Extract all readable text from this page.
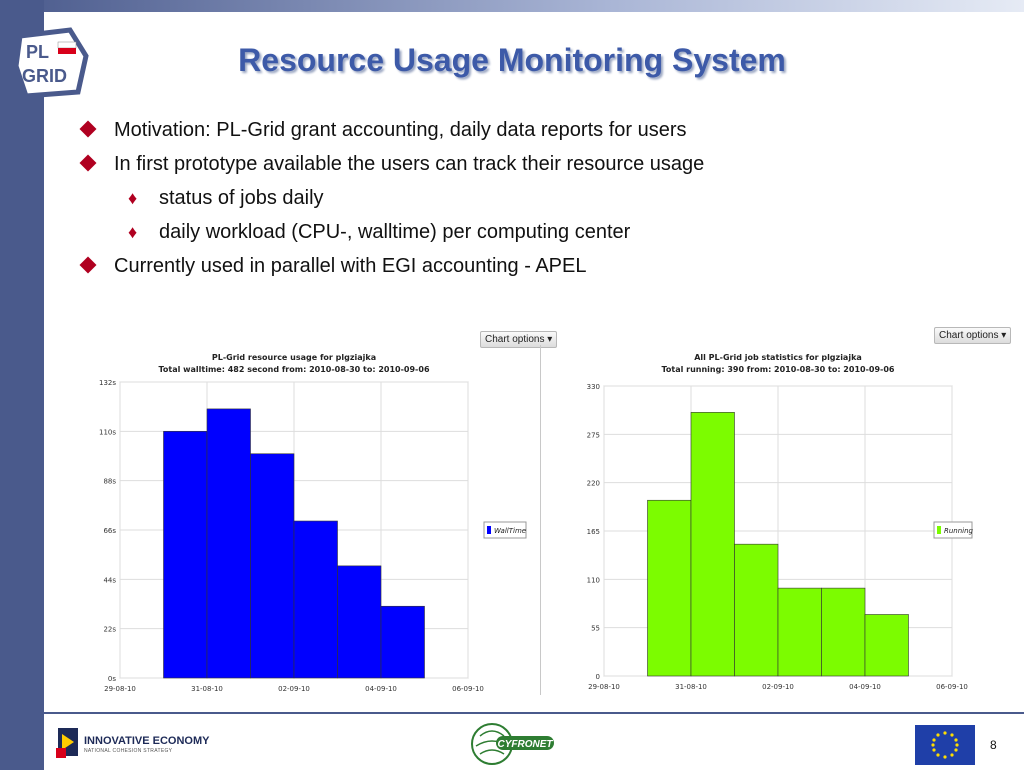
PL
GRID	Resource Usage Monitoring System
Motivation: PL-Grid grant accounting, daily data reports for users
In first prototype available the users can track their resource usage
♦ status of jobs daily
♦ daily workload (CPU-, walltime) per computing center
Currently used in parallel with EGI accounting - APEL
Chart options ▾	Chart options ▾
PL-Grid resource usage for plgziajka
Total walltime: 482 second from: 2010-08-30 to: 2010-09-06
0s
22s
44s
66s
88s
110s
132s
29-08-10	31-08-10	02-09-10	04-09-10	06-09-10
WallTime
All PL-Grid job statistics for plgziajka
Total running: 390 from: 2010-08-30 to: 2010-09-06
0
55
110
165
220
275
330
29-08-10	31-08-10	02-09-10	04-09-10	06-09-10
Running
INNOVATIVE ECONOMY
NATIONAL COHESION STRATEGY
CYFRONET	8
